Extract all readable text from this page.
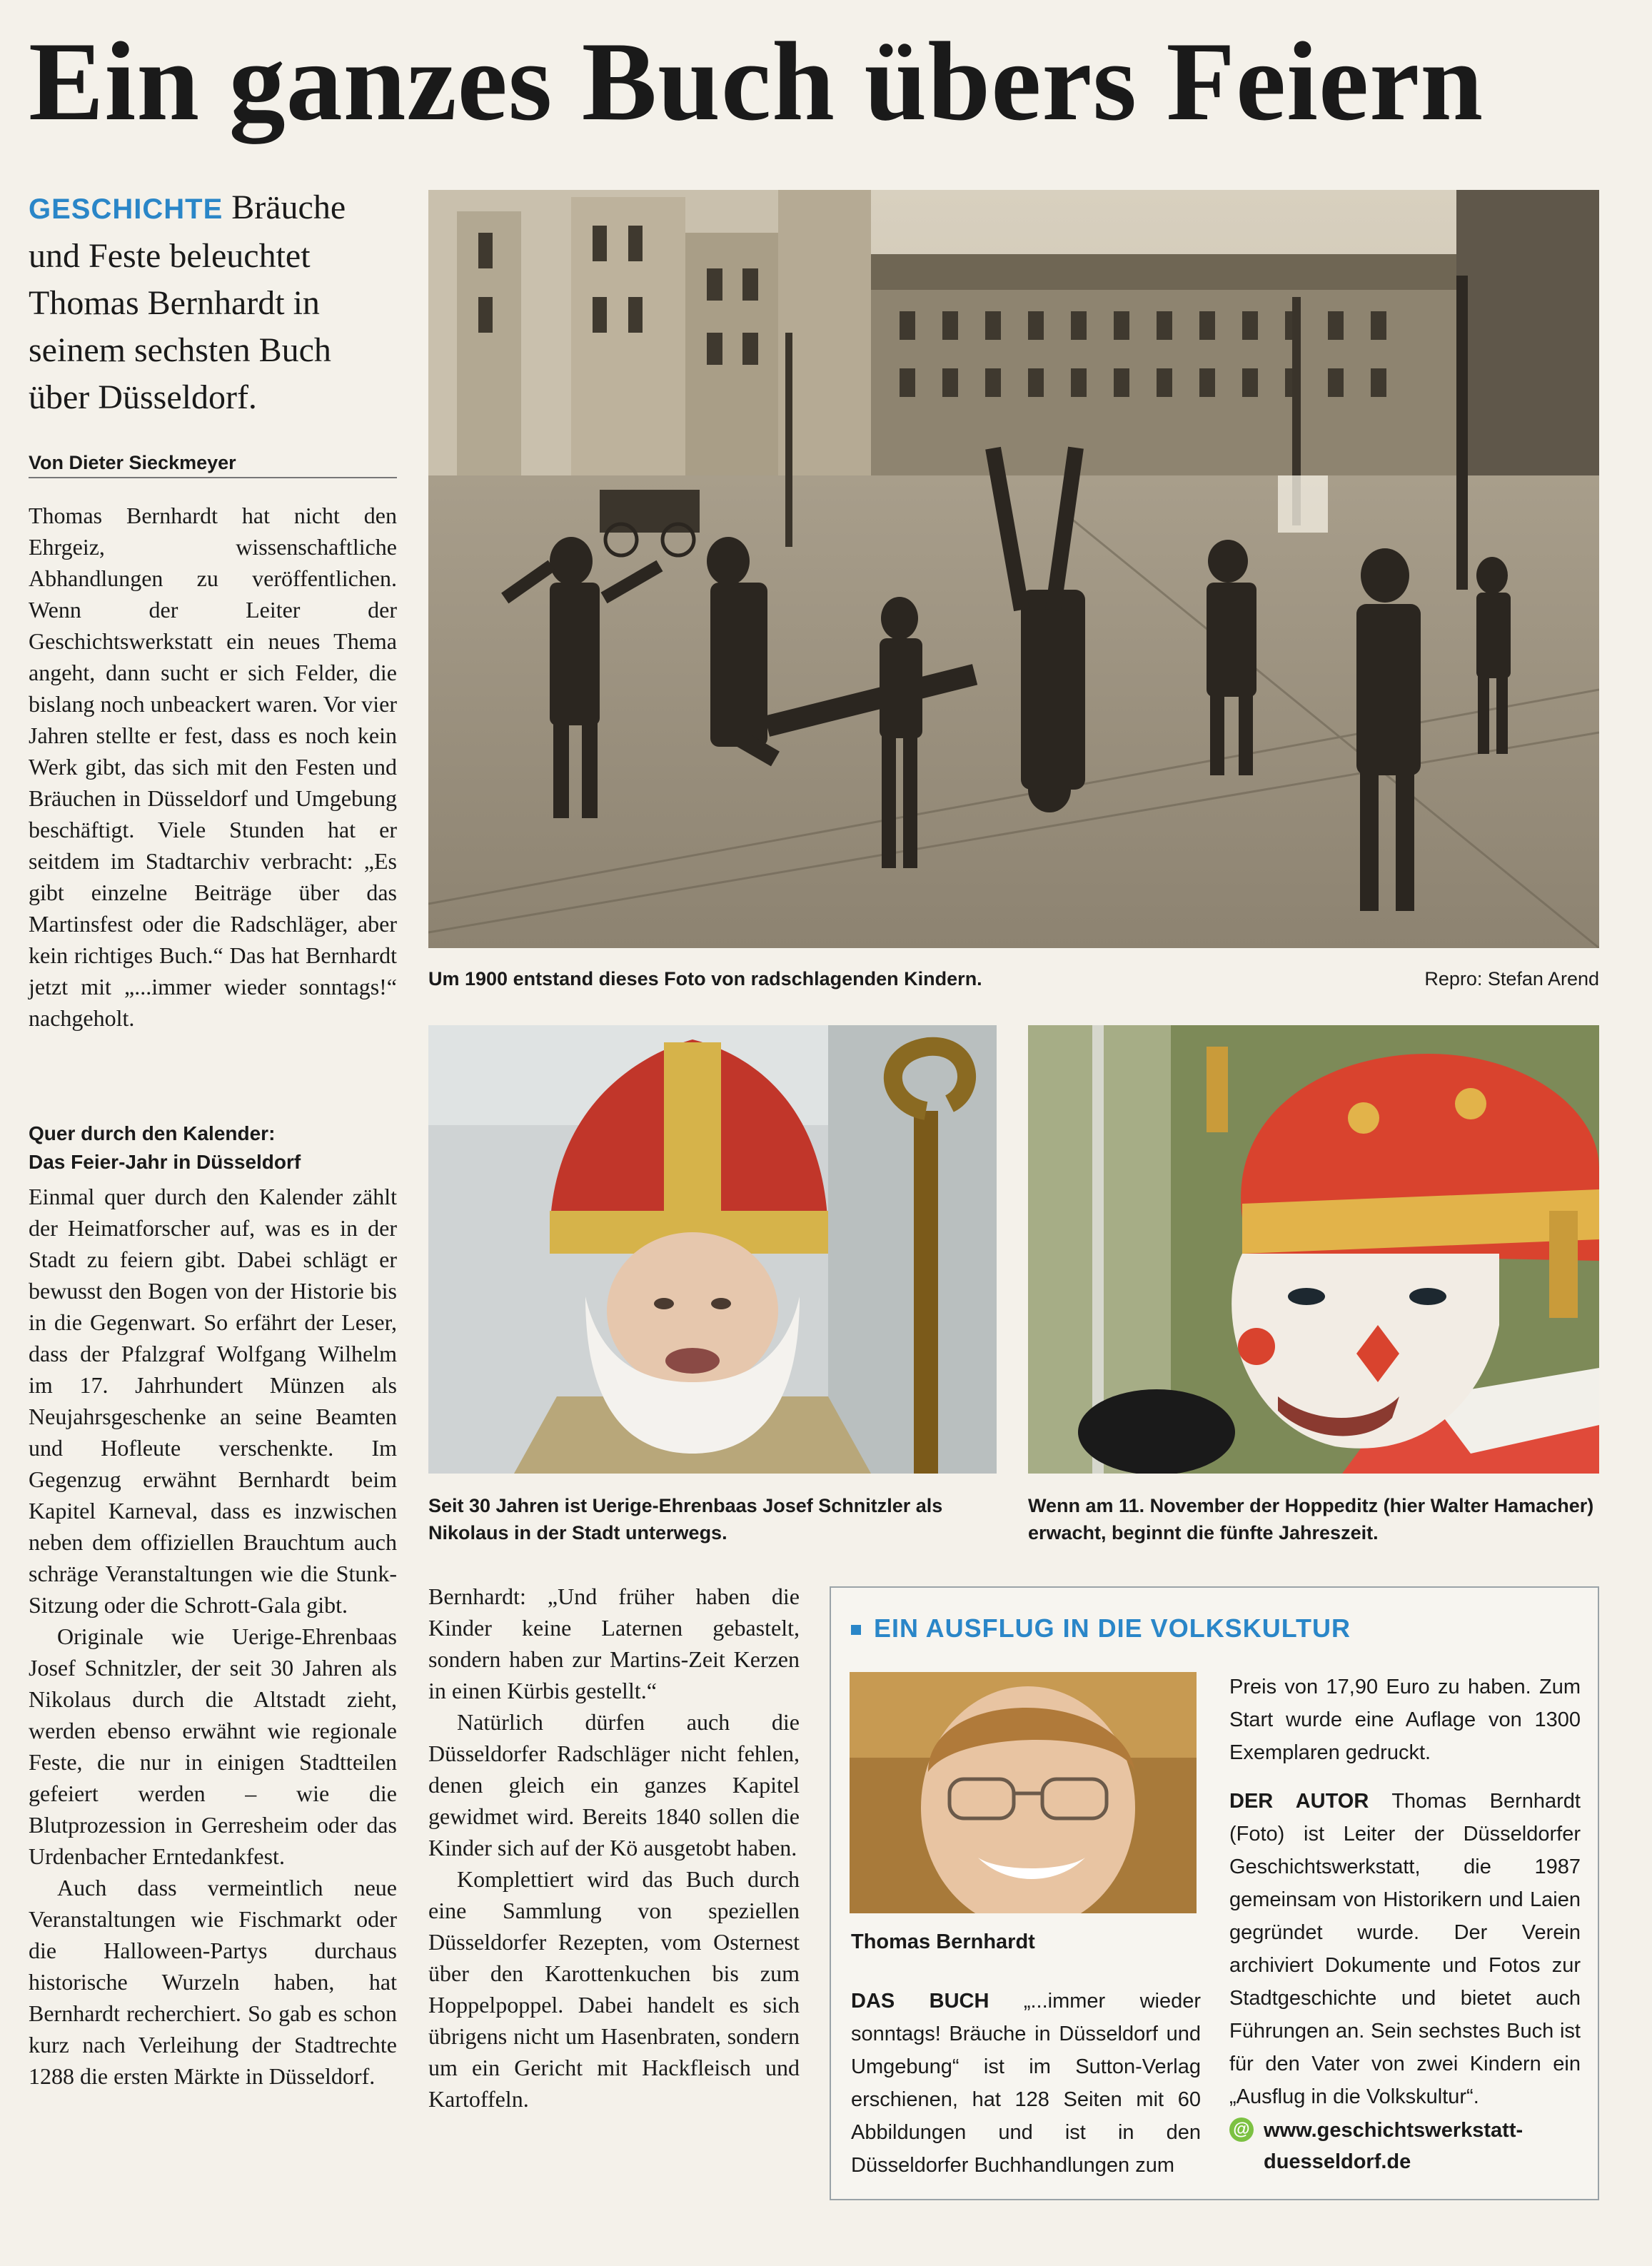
Ein ganzes Buch übers Feiern
GESCHICHTE Bräuche und Feste beleuchtet Thomas Bernhardt in seinem sechsten Buch über Düsseldorf.
Von Dieter Sieckmeyer

Thomas Bernhardt hat nicht den Ehrgeiz, wissenschaftliche Abhandlungen zu veröffentlichen. Wenn der Leiter der Geschichtswerkstatt ein neues Thema angeht, dann sucht er sich Felder, die bislang noch unbeackert waren. Vor vier Jahren stellte er fest, dass es noch kein Werk gibt, das sich mit den Festen und Bräuchen in Düsseldorf und Umgebung beschäftigt. Viele Stunden hat er seitdem im Stadtarchiv verbracht: „Es gibt einzelne Beiträge über das Martinsfest oder die Radschläger, aber kein richtiges Buch.“ Das hat Bernhardt jetzt mit „...immer wieder sonntags!“ nachgeholt.

Quer durch den Kalender:
Das Feier-Jahr in Düsseldorf

Einmal quer durch den Kalender zählt der Heimatforscher auf, was es in der Stadt zu feiern gibt. Dabei schlägt er bewusst den Bogen von der Historie bis in die Gegenwart. So erfährt der Leser, dass der Pfalzgraf Wolfgang Wilhelm im 17. Jahrhundert Münzen als Neujahrsgeschenke an seine Beamten und Hofleute verschenkte. Im Gegenzug erwähnt Bernhardt beim Kapitel Karneval, dass es inzwischen neben dem offiziellen Brauchtum auch schräge Veranstaltungen wie die Stunk-Sitzung oder die Schrott-Gala gibt.

Originale wie Uerige-Ehrenbaas Josef Schnitzler, der seit 30 Jahren als Nikolaus durch die Altstadt zieht, werden ebenso erwähnt wie regionale Feste, die nur in einigen Stadtteilen gefeiert werden – wie die Blutprozession in Gerresheim oder das Urdenbacher Erntedankfest.

Auch dass vermeintlich neue Veranstaltungen wie Fischmarkt oder die Halloween-Partys durchaus historische Wurzeln haben, hat Bernhardt recherchiert. So gab es schon kurz nach Verleihung der Stadtrechte 1288 die ersten Märkte in Düsseldorf.

Bernhardt: „Und früher haben die Kinder keine Laternen gebastelt, sondern haben zur Martins-Zeit Kerzen in einen Kürbis gestellt.“

Natürlich dürfen auch die Düsseldorfer Radschläger nicht fehlen, denen gleich ein ganzes Kapitel gewidmet wird. Bereits 1840 sollen die Kinder sich auf der Kö ausgetobt haben.

Komplettiert wird das Buch durch eine Sammlung von speziellen Düsseldorfer Rezepten, vom Osternest über den Karottenkuchen bis zum Hoppelpoppel. Dabei handelt es sich übrigens nicht um Hasenbraten, sondern um ein Gericht mit Hackfleisch und Kartoffeln.

Um 1900 entstand dieses Foto von radschlagenden Kindern.	Repro: Stefan Arend
Seit 30 Jahren ist Uerige-Ehrenbaas Josef Schnitzler als Nikolaus in der Stadt unterwegs.
Wenn am 11. November der Hoppeditz (hier Walter Hamacher) erwacht, beginnt die fünfte Jahreszeit.
EIN AUSFLUG IN DIE VOLKSKULTUR
Thomas Bernhardt
DAS BUCH „...immer wieder sonntags! Bräuche in Düsseldorf und Umgebung“ ist im Sutton-Verlag erschienen, hat 128 Seiten mit 60 Abbildungen und ist in den Düsseldorfer Buchhandlungen zum
Preis von 17,90 Euro zu haben. Zum Start wurde eine Auflage von 1300 Exemplaren gedruckt.
DER AUTOR Thomas Bernhardt (Foto) ist Leiter der Düsseldorfer Geschichtswerkstatt, die 1987 gemeinsam von Historikern und Laien gegründet wurde. Der Verein archiviert Dokumente und Fotos zur Stadtgeschichte und bietet auch Führungen an. Sein sechstes Buch ist für den Vater von zwei Kindern ein „Ausflug in die Volkskultur“.
@ www.geschichtswerkstatt-
duesseldorf.de
